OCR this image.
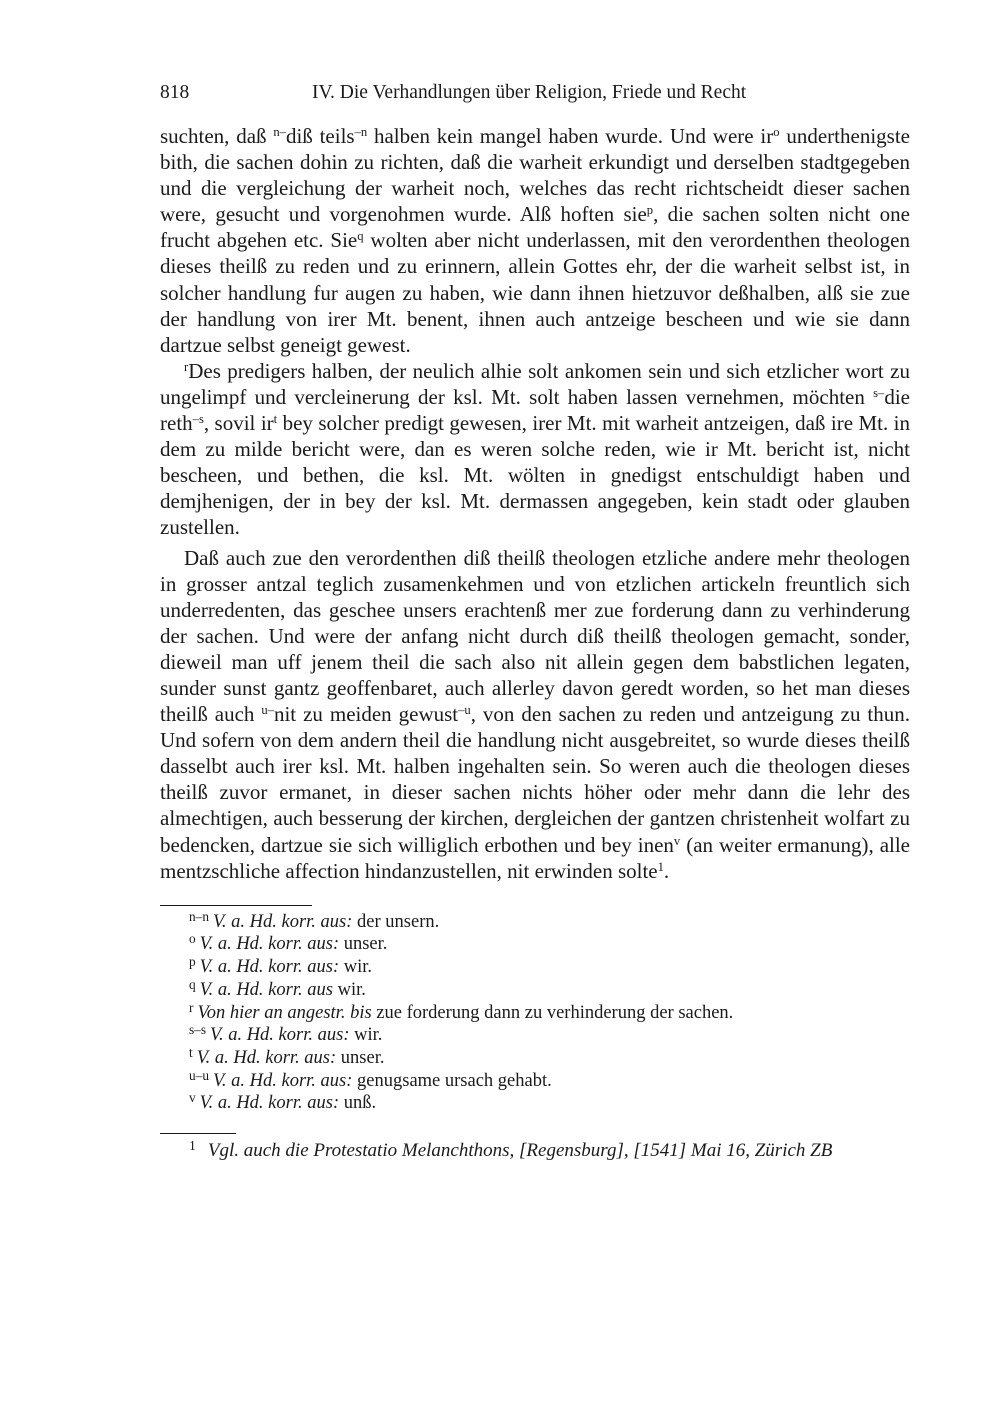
818	IV. Die Verhandlungen über Religion, Friede und Recht

suchten, daß $^{n-}$diß teils$^{-n}$ halben kein mangel haben wurde. Und were $ir^o$ underthenigste bith, die sachen dohin zu richten, daß die warheit erkundigt und derselben stadtgegeben und die vergleichung der warheit noch, welches das recht richtscheidt dieser sachen were, gesucht und vorgenohmen wurde. Alß hoften sie$^p$, die sachen solten nicht one frucht abgehen etc. Sie$^q$ wolten aber nicht underlassen, mit den verordenthen theologen dieses theilß zu reden und zu erinnern, allein Gottes ehr, der die warheit selbst ist, in solcher handlung fur augen zu haben, wie dann ihnen hietzuvor deßhalben, alß sie zue der handlung von irer Mt. benent, ihnen auch antzeige bescheen und wie sie dann dartzue selbst geneigt gewest.

$^r$Des predigers halben, der neulich alhie solt ankomen sein und sich etzlicher wort zu ungelimpf und vercleinerung der ksl. Mt. solt haben lassen vernehmen, möchten $^{s-}$die reth$^{-s}$, sovil $ir^t$ bey solcher predigt gewesen, irer Mt. mit warheit antzeigen, daß ire Mt. in dem zu milde bericht were, dan es weren solche reden, wie ir Mt. bericht ist, nicht bescheen, und bethen, die ksl. Mt. wölten in gnedigst entschuldigt haben und demjhenigen, der in bey der ksl. Mt. dermassen angegeben, kein stadt oder glauben zustellen.

Daß auch zue den verordenthen diß theilß theologen etzliche andere mehr theologen in grosser antzal teglich zusamenkehmen und von etzlichen artickeln freuntlich sich underredenten, das geschee unsers erachtenß mer zue forderung dann zu verhinderung der sachen. Und were der anfang nicht durch diß theilß theologen gemacht, sonder, dieweil man uff jenem theil die sach also nit allein gegen dem babstlichen legaten, sunder sunst gantz geoffenbaret, auch allerley davon geredt worden, so het man dieses theilß auch $^{u-}$nit zu meiden gewust$^{-u}$, von den sachen zu reden und antzeigung zu thun. Und sofern von dem andern theil die handlung nicht ausgebreitet, so wurde dieses theilß dasselbt auch irer ksl. Mt. halben ingehalten sein. So weren auch die theologen dieses theilß zuvor ermanet, in dieser sachen nichts höher oder mehr dann die lehr des almechtigen, auch besserung der kirchen, dergleichen der gantzen christenheit wolfart zu bedencken, dartzue sie sich williglich erbothen und bey inen$^v$ (an weiter ermanung), alle mentzschliche affection hindanzustellen, nit erwinden solte$^1$.

$^{n-n}$ V. a. Hd. korr. aus: der unsern.
$^o$ V. a. Hd. korr. aus: unser.
$^p$ V. a. Hd. korr. aus: wir.
$^q$ V. a. Hd. korr. aus wir.
$^r$ Von hier an angestr. bis zue forderung dann zu verhinderung der sachen.
$^{s-s}$ V. a. Hd. korr. aus: wir.
$^t$ V. a. Hd. korr. aus: unser.
$^{u-u}$ V. a. Hd. korr. aus: genugsame ursach gehabt.
$^v$ V. a. Hd. korr. aus: unß.
$^1$ Vgl. auch die Protestatio Melanchthons, [Regensburg], [1541] Mai 16, Zürich ZB
